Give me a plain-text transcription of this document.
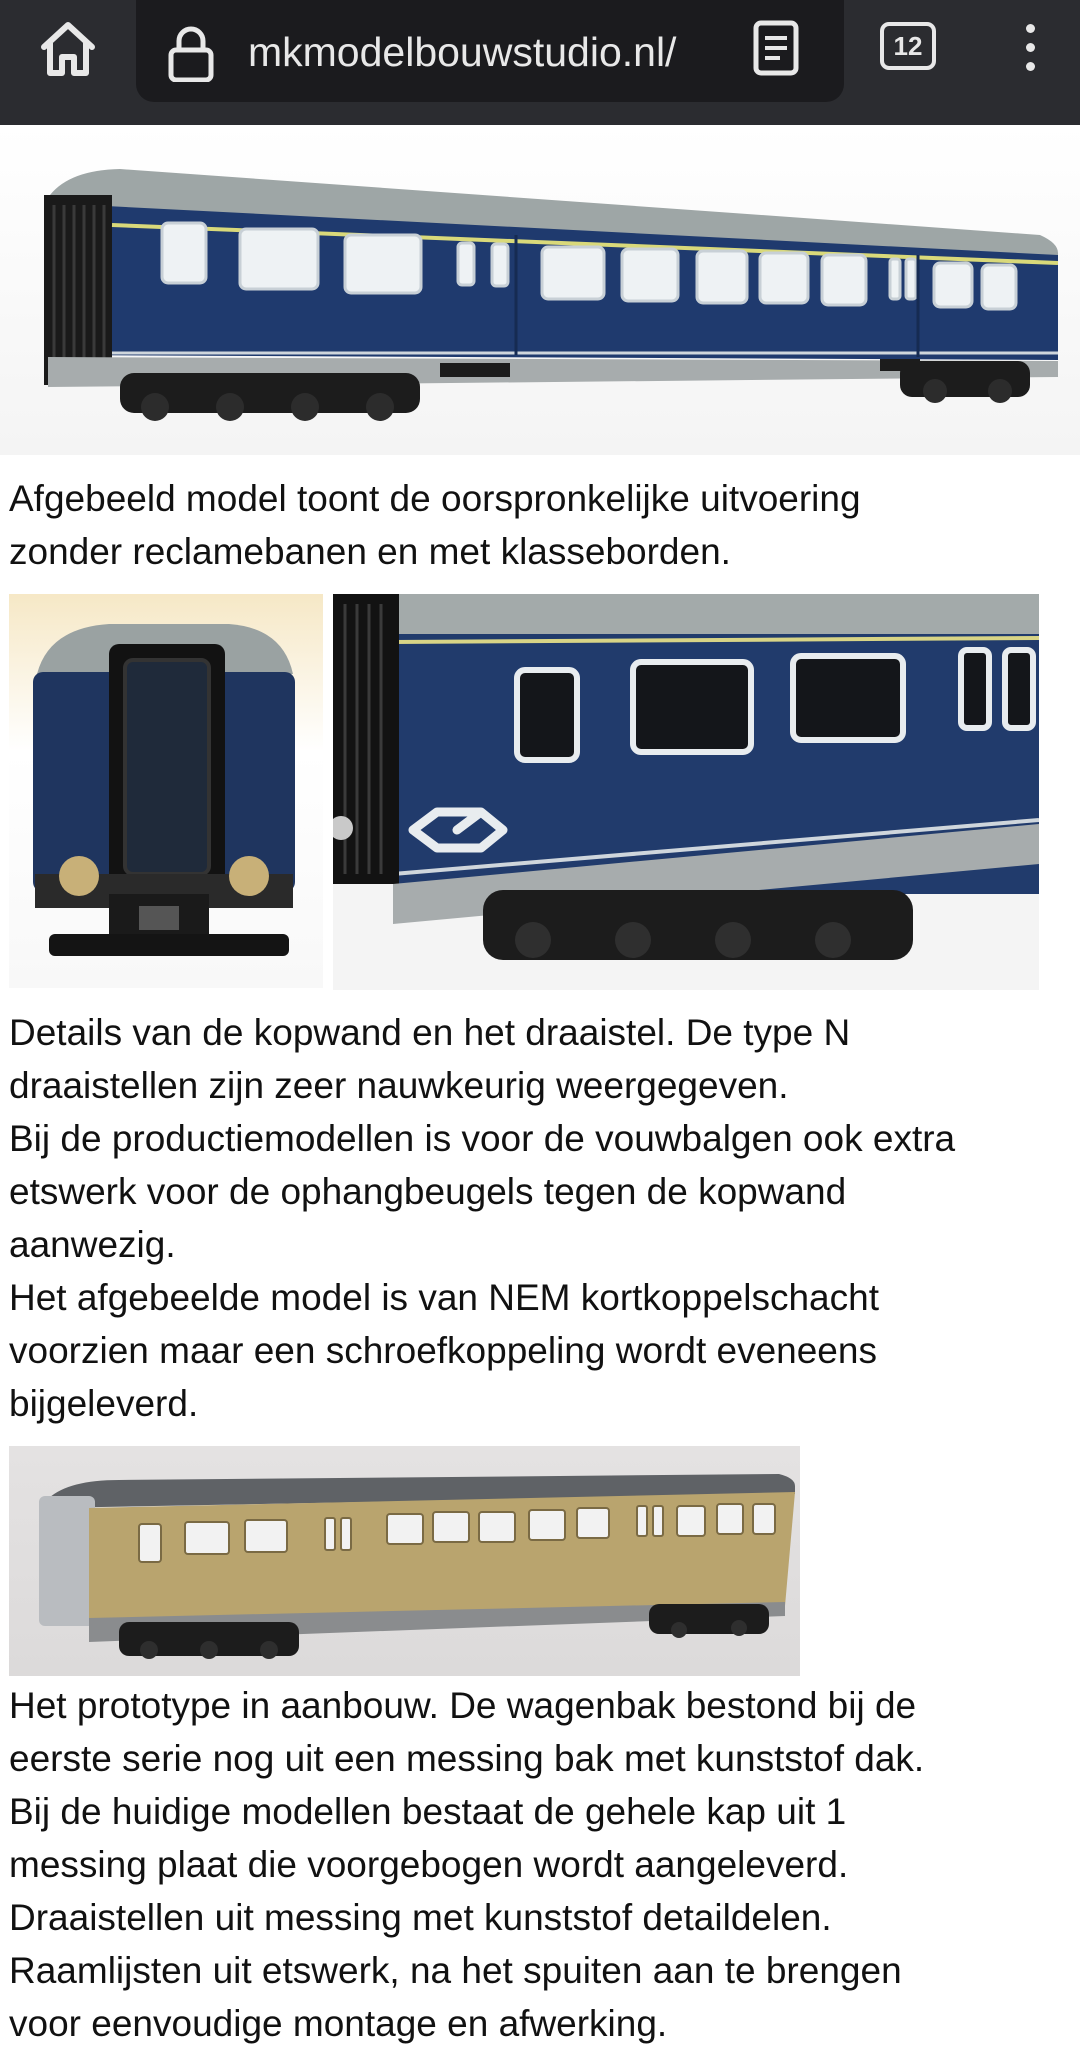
mkmodelbouwstudio.nl/	12
Afgebeeld model toont de oorspronkelijke uitvoering
zonder reclamebanen en met klasseborden.
Details van de kopwand en het draaistel. De type N
draaistellen zijn zeer nauwkeurig weergegeven.
Bij de productiemodellen is voor de vouwbalgen ook extra
etswerk voor de ophangbeugels tegen de kopwand
aanwezig.
Het afgebeelde model is van NEM kortkoppelschacht
voorzien maar een schroefkoppeling wordt eveneens
bijgeleverd.
Het prototype in aanbouw. De wagenbak bestond bij de
eerste serie nog uit een messing bak met kunststof dak.
Bij de huidige modellen bestaat de gehele kap uit 1
messing plaat die voorgebogen wordt aangeleverd.
Draaistellen uit messing met kunststof detaildelen.
Raamlijsten uit etswerk, na het spuiten aan te brengen
voor eenvoudige montage en afwerking.
